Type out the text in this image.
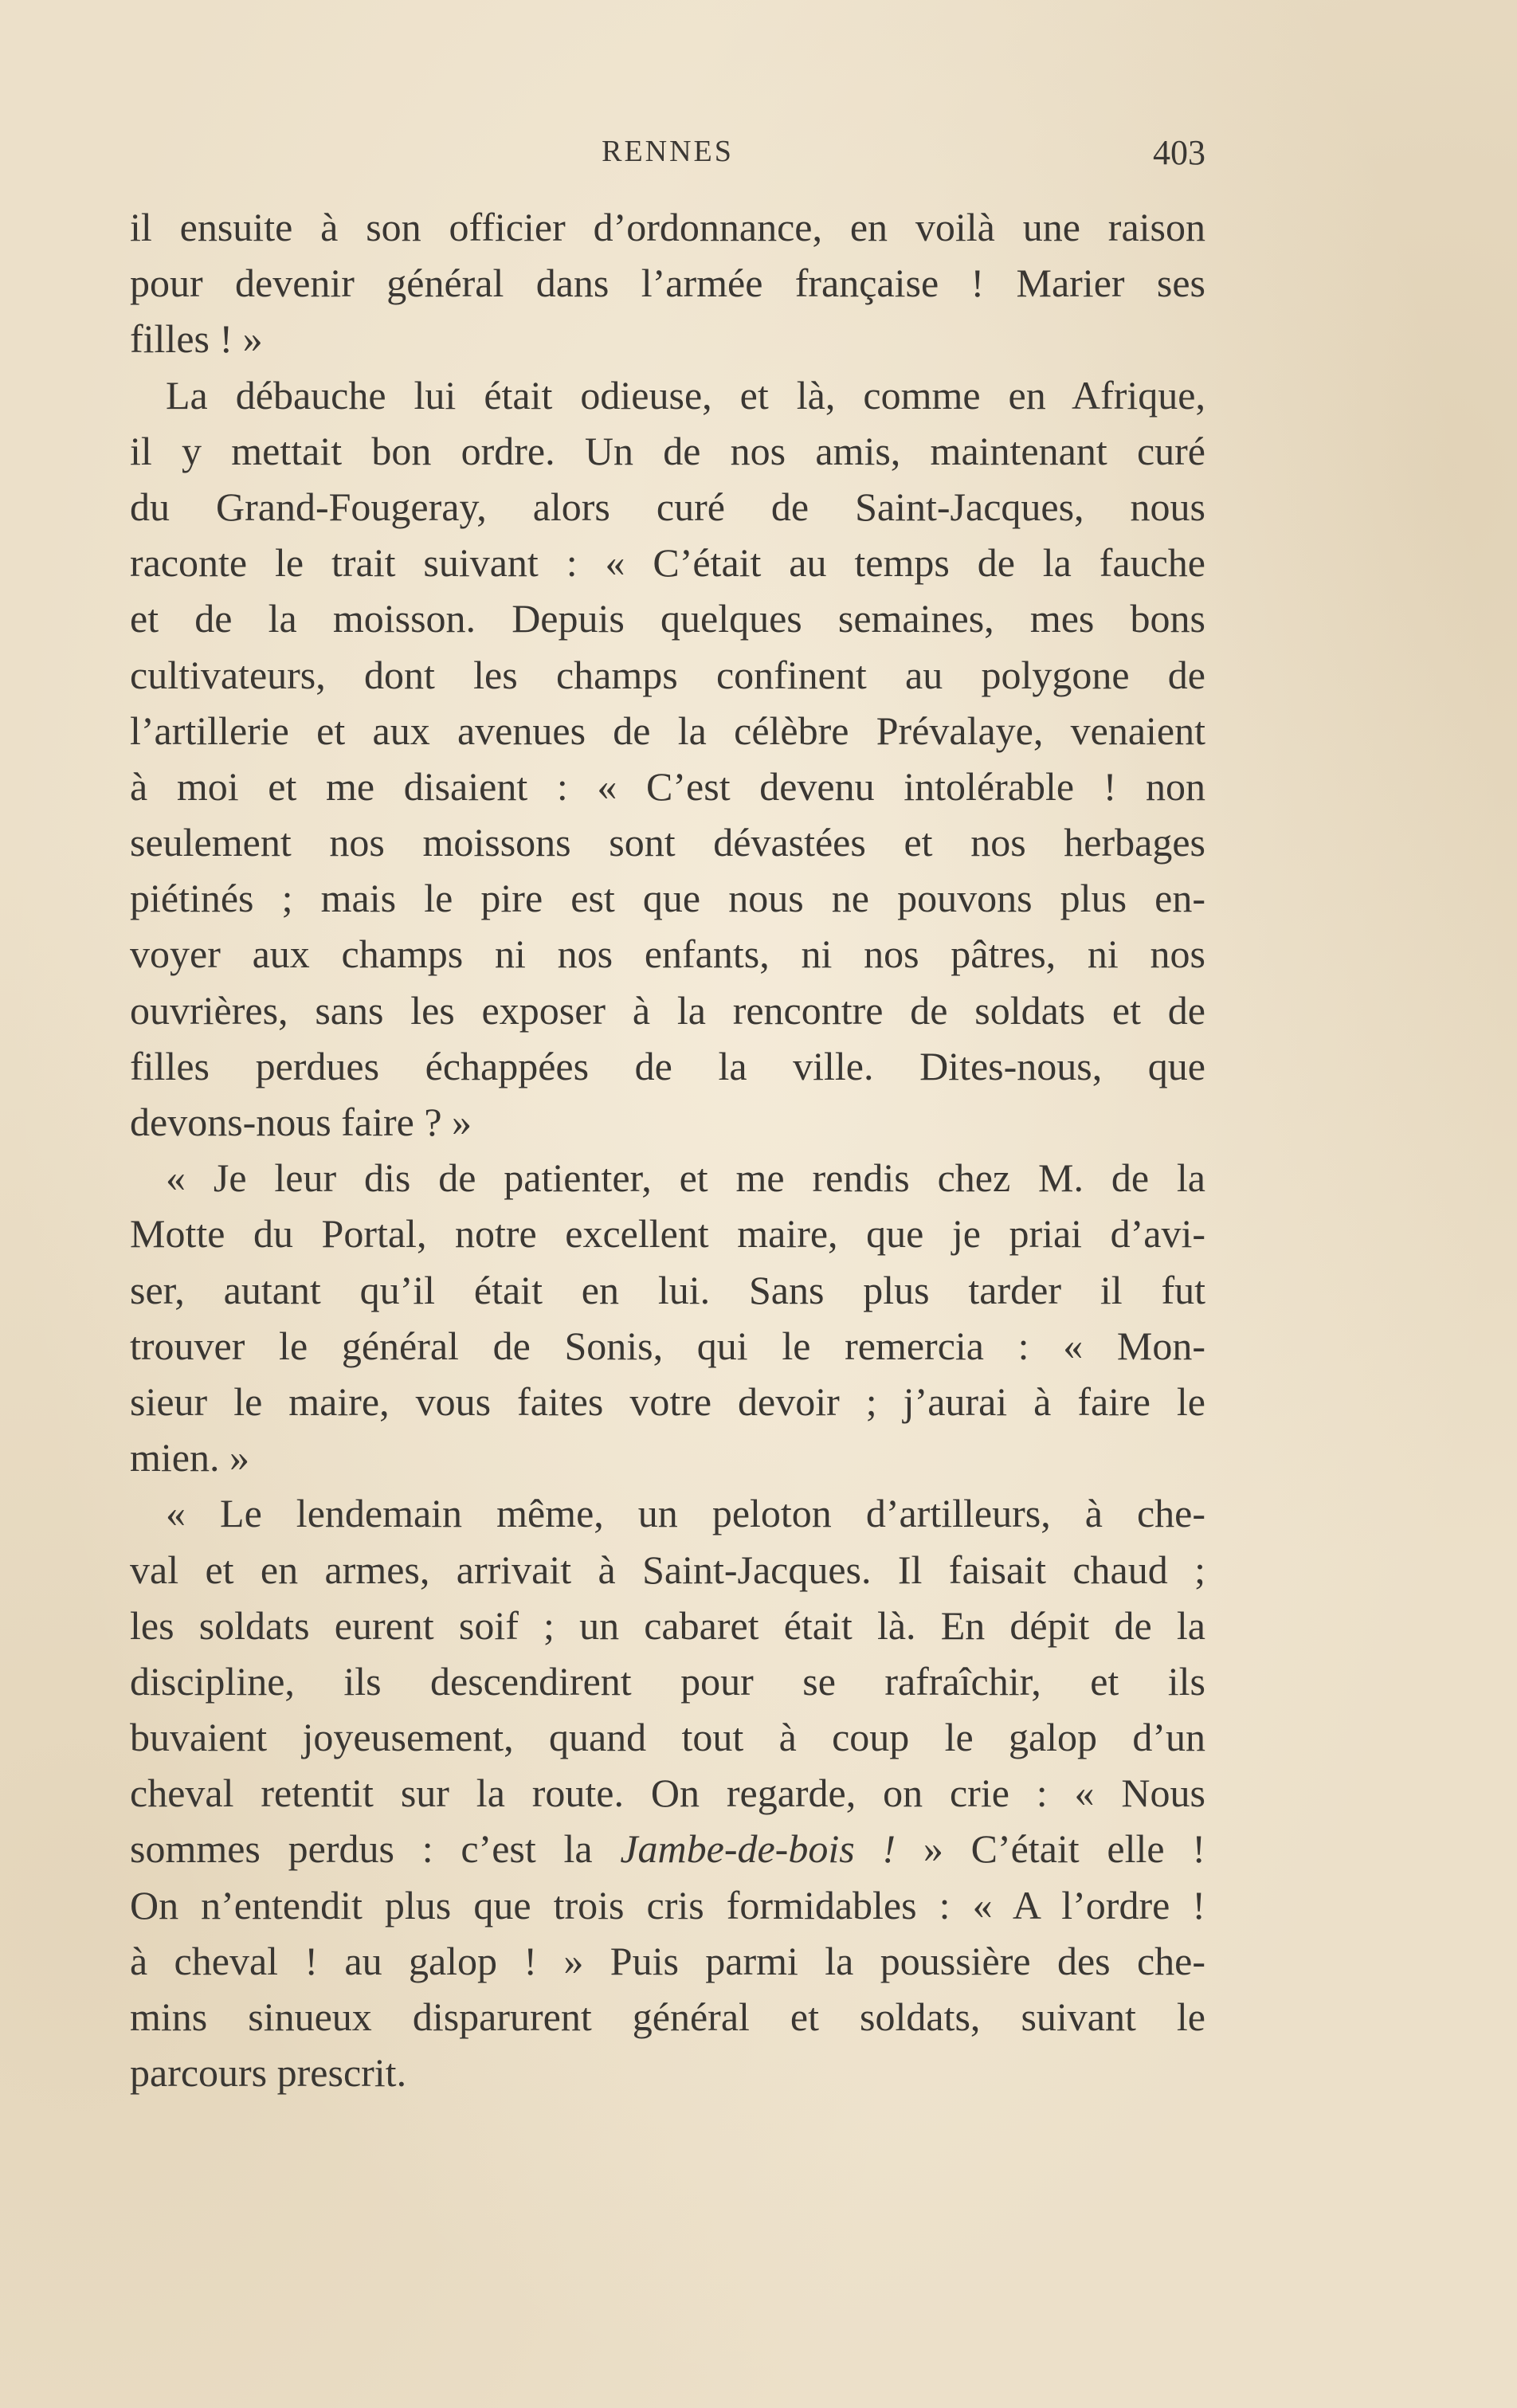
RENNES	403
il ensuite à son officier d’ordonnance, en voilà une raison
pour devenir général dans l’armée française ! Marier ses
filles ! »
La débauche lui était odieuse, et là, comme en Afrique,
il y mettait bon ordre. Un de nos amis, maintenant curé
du Grand-Fougeray, alors curé de Saint-Jacques, nous
raconte le trait suivant : « C’était au temps de la fauche
et de la moisson. Depuis quelques semaines, mes bons
cultivateurs, dont les champs confinent au polygone de
l’artillerie et aux avenues de la célèbre Prévalaye, venaient
à moi et me disaient : « C’est devenu intolérable ! non
seulement nos moissons sont dévastées et nos herbages
piétinés ; mais le pire est que nous ne pouvons plus en-
voyer aux champs ni nos enfants, ni nos pâtres, ni nos
ouvrières, sans les exposer à la rencontre de soldats et de
filles perdues échappées de la ville. Dites-nous, que
devons-nous faire ? »
« Je leur dis de patienter, et me rendis chez M. de la
Motte du Portal, notre excellent maire, que je priai d’avi-
ser, autant qu’il était en lui. Sans plus tarder il fut
trouver le général de Sonis, qui le remercia : « Mon-
sieur le maire, vous faites votre devoir ; j’aurai à faire le
mien. »
« Le lendemain même, un peloton d’artilleurs, à che-
val et en armes, arrivait à Saint-Jacques. Il faisait chaud ;
les soldats eurent soif ; un cabaret était là. En dépit de la
discipline, ils descendirent pour se rafraîchir, et ils
buvaient joyeusement, quand tout à coup le galop d’un
cheval retentit sur la route. On regarde, on crie : « Nous
sommes perdus : c’est la Jambe-de-bois ! » C’était elle !
On n’entendit plus que trois cris formidables : « A l’ordre !
à cheval ! au galop ! » Puis parmi la poussière des che-
mins sinueux disparurent général et soldats, suivant le
parcours prescrit.
